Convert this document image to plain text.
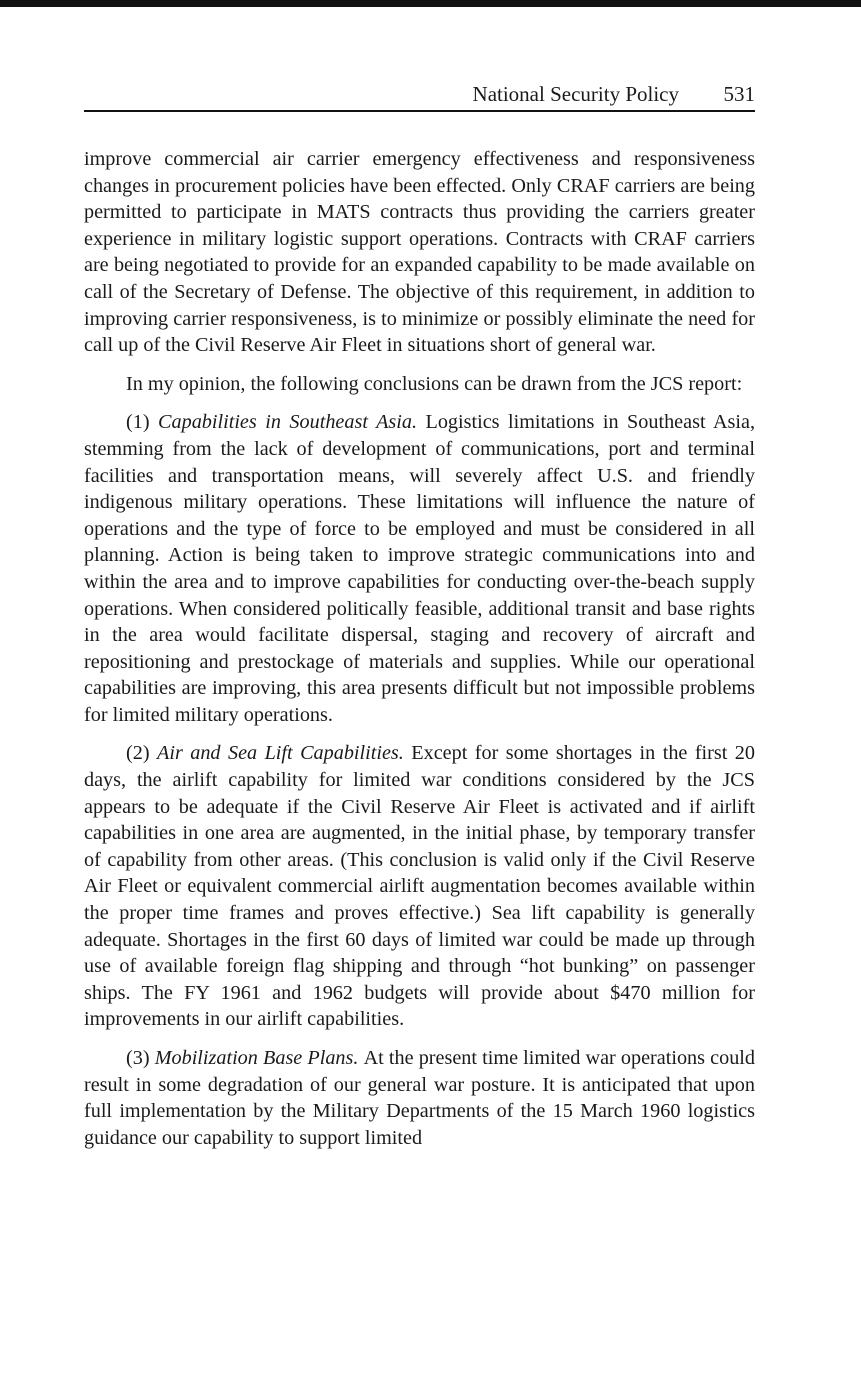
National Security Policy 531

improve commercial air carrier emergency effectiveness and responsiveness changes in procurement policies have been effected. Only CRAF carriers are being permitted to participate in MATS contracts thus providing the carriers greater experience in military logistic support operations. Contracts with CRAF carriers are being negotiated to provide for an expanded capability to be made available on call of the Secretary of Defense. The objective of this requirement, in addition to improving carrier responsiveness, is to minimize or possibly eliminate the need for call up of the Civil Reserve Air Fleet in situations short of general war.

In my opinion, the following conclusions can be drawn from the JCS report:

(1) Capabilities in Southeast Asia. Logistics limitations in Southeast Asia, stemming from the lack of development of communications, port and terminal facilities and transportation means, will severely affect U.S. and friendly indigenous military operations. These limitations will influence the nature of operations and the type of force to be employed and must be considered in all planning. Action is being taken to improve strategic communications into and within the area and to improve capabilities for conducting over-the-beach supply operations. When considered politically feasible, additional transit and base rights in the area would facilitate dispersal, staging and recovery of aircraft and repositioning and prestockage of materials and supplies. While our operational capabilities are improving, this area presents difficult but not impossible problems for limited military operations.

(2) Air and Sea Lift Capabilities. Except for some shortages in the first 20 days, the airlift capability for limited war conditions considered by the JCS appears to be adequate if the Civil Reserve Air Fleet is activated and if airlift capabilities in one area are augmented, in the initial phase, by temporary transfer of capability from other areas. (This conclusion is valid only if the Civil Reserve Air Fleet or equivalent commercial airlift augmentation becomes available within the proper time frames and proves effective.) Sea lift capability is generally adequate. Shortages in the first 60 days of limited war could be made up through use of available foreign flag shipping and through “hot bunking” on passenger ships. The FY 1961 and 1962 budgets will provide about $470 million for improvements in our airlift capabilities.

(3) Mobilization Base Plans. At the present time limited war operations could result in some degradation of our general war posture. It is anticipated that upon full implementation by the Military Departments of the 15 March 1960 logistics guidance our capability to support limited
